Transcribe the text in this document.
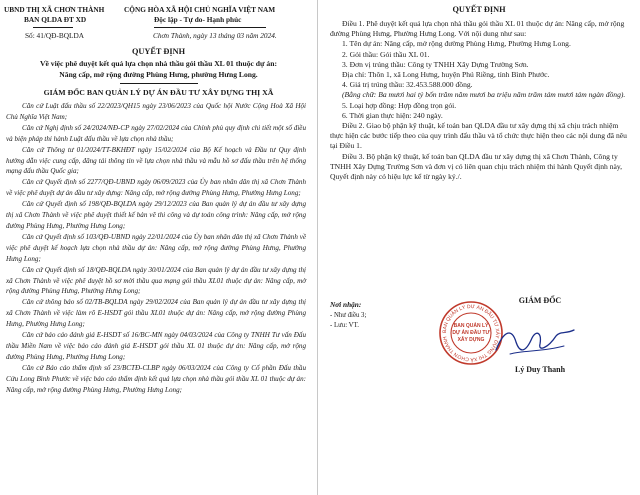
UBND THỊ XÃ CHƠN THÀNH
BAN QLDA ĐT XD
CỘNG HÒA XÃ HỘI CHỦ NGHĨA VIỆT NAM
Độc lập - Tự do- Hạnh phúc
Số: 41/QĐ-BQLDA	Chơn Thành, ngày 13 tháng 03 năm 2024.
QUYẾT ĐỊNH
Về việc phê duyệt kết quả lựa chọn nhà thầu gói thầu XL 01 thuộc dự án:
Nâng cấp, mở rộng đường Phùng Hưng, phường Hưng Long.
GIÁM ĐỐC BAN QUẢN LÝ DỰ ÁN ĐẦU TƯ XÂY DỰNG THỊ XÃ

Căn cứ Luật đấu thầu số 22/2023/QH15 ngày 23/06/2023 của Quốc hội Nước Cộng Hoà Xã Hội Chủ Nghĩa Việt Nam;

Căn cứ Nghị định số 24/2024/NĐ-CP ngày 27/02/2024 của Chính phủ quy định chi tiết một số điều và biện pháp thi hành Luật đấu thầu về lựa chọn nhà thầu;

Căn cứ Thông tư 01/2024/TT-BKHĐT ngày 15/02/2024 của Bộ Kế hoạch và Đầu tư Quy định hướng dẫn việc cung cấp, đăng tải thông tin về lựa chọn nhà thầu và mẫu hồ sơ đấu thầu trên hệ thống mạng đấu thầu Quốc gia;

Căn cứ Quyết định số 2277/QĐ-UBND ngày 06/09/2023 của Ủy ban nhân dân thị xã Chơn Thành về việc phê duyệt dự án đầu tư xây dựng: Nâng cấp, mở rộng đường Phùng Hưng, Phường Hưng Long;

Căn cứ Quyết định số 198/QĐ-BQLDA ngày 29/12/2023 của Ban quản lý dự án đầu tư xây dựng thị xã Chơn Thành về việc phê duyệt thiết kế bản vẽ thi công và dự toán công trình: Nâng cấp, mở rộng đường Phùng Hưng, Phường Hưng Long;

Căn cứ Quyết định số 103/QĐ-UBND ngày 22/01/2024 của Ủy ban nhân dân thị xã Chơn Thành về việc phê duyệt kế hoạch lựa chọn nhà thầu dự án: Nâng cấp, mở rộng đường Phùng Hưng, Phường Hưng Long;

Căn cứ Quyết định số 18/QĐ-BQLDA ngày 30/01/2024 của Ban quản lý dự án đầu tư xây dựng thị xã Chơn Thành về việc phê duyệt hồ sơ mời thầu qua mạng gói thầu XL01 thuộc dự án: Nâng cấp, mở rộng đường Phùng Hưng, Phường Hưng Long;

Căn cứ thông báo số 02/TB-BQLDA ngày 29/02/2024 của Ban quản lý dự án đầu tư xây dựng thị xã Chơn Thành về việc làm rõ E-HSDT gói thầu XL01 thuộc dự án: Nâng cấp, mở rộng đường Phùng Hưng, Phường Hưng Long;

Căn cứ báo cáo đánh giá E-HSDT số 16/BC-MN ngày 04/03/2024 của Công ty TNHH Tư vấn Đấu thầu Miền Nam về việc báo cáo đánh giá E-HSDT gói thầu XL 01 thuộc dự án: Nâng cấp, mở rộng đường Phùng Hưng, Phường Hưng Long;

Căn cứ Báo cáo thẩm định số 23/BCTĐ-CLBP ngày 06/03/2024 của Công ty Cổ phần Đấu thầu Cửu Long Bình Phước về việc báo cáo thẩm định kết quả lựa chọn nhà thầu gói thầu XL 01 thuộc dự án: Nâng cấp, mở rộng đường Phùng Hưng, Phường Hưng Long;

QUYẾT ĐỊNH

Điều 1. Phê duyệt kết quả lựa chọn nhà thầu gói thầu XL 01 thuộc dự án: Nâng cấp, mở rộng đường Phùng Hưng, Phường Hưng Long. Với nội dung như sau:

1. Tên dự án: Nâng cấp, mở rộng đường Phùng Hưng, Phường Hưng Long.

2. Gói thầu: Gói thầu XL 01.

3. Đơn vị trúng thầu: Công ty TNHH Xây Dựng Trường Sơn.

Địa chỉ: Thôn 1, xã Long Hưng, huyện Phú Riềng, tỉnh Bình Phước.

4. Giá trị trúng thầu: 32.453.588.000 đồng.

(Bằng chữ: Ba mươi hai tỷ bốn trăm năm mươi ba triệu năm trăm tám mươi tám ngàn đồng).

5. Loại hợp đồng: Hợp đồng trọn gói.

6. Thời gian thực hiện: 240 ngày.

Điều 2. Giao bộ phận kỹ thuật, kế toán ban QLDA đầu tư xây dựng thị xã chịu trách nhiệm thực hiện các bước tiếp theo của quy trình đấu thầu và tổ chức thực hiện theo các nội dung đã nêu tại Điều 1.

Điều 3. Bộ phận kỹ thuật, kế toán ban QLDA đầu tư xây dựng thị xã Chơn Thành, Công ty TNHH Xây Dựng Trường Sơn và đơn vị có liên quan chịu trách nhiệm thi hành Quyết định này, Quyết định này có hiệu lực kể từ ngày ký./.

Nơi nhận:
- Như điều 3;
- Lưu: VT.
GIÁM ĐỐC
BAN QUẢN LÝ DỰ ÁN ĐẦU TƯ XÂY DỰNG THỊ XÃ CHƠN THÀNH
BAN QUẢN LÝ
DỰ ÁN ĐẦU TƯ
XÂY DỰNG
Lý Duy Thanh
